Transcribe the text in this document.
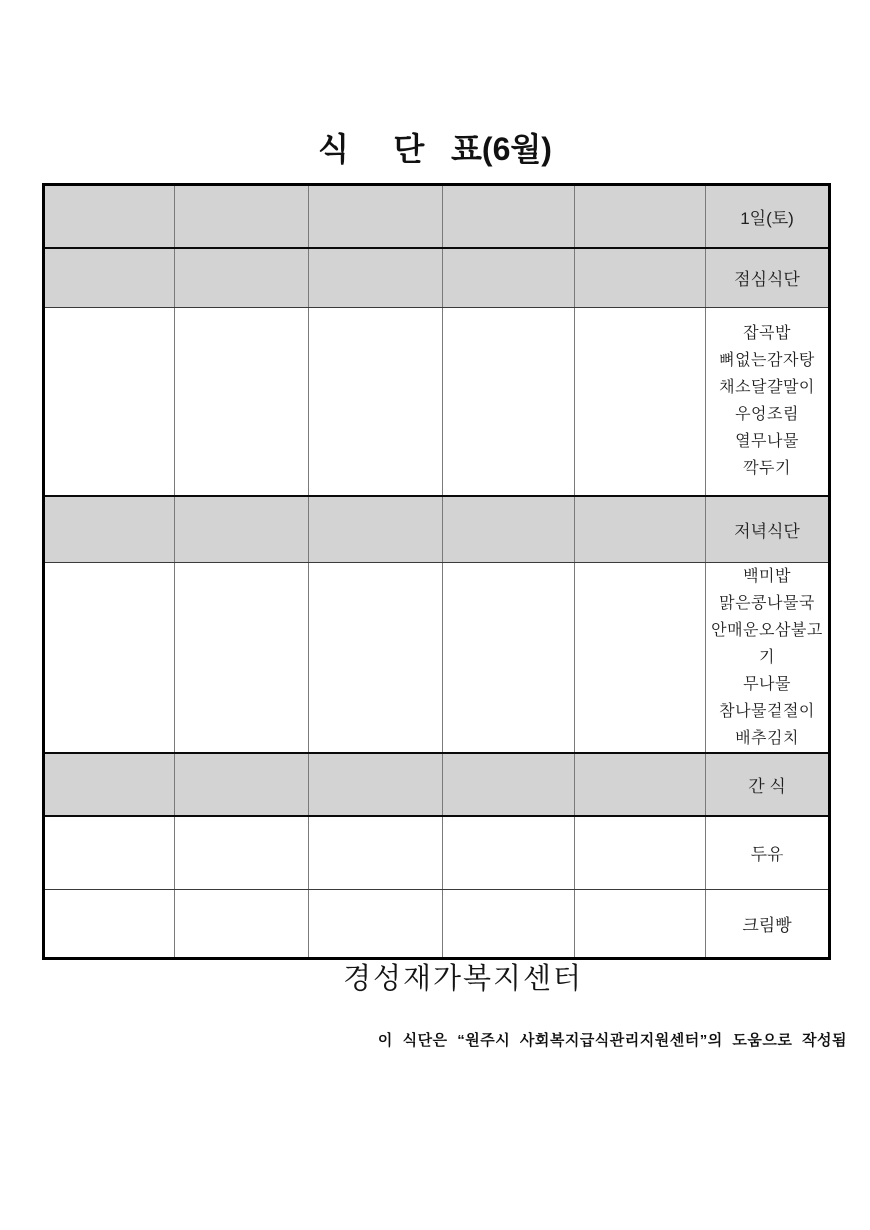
식     단   표(6월)
					1일(토)
					점심식단

잡곡밥
뼈없는감자탕
채소달걀말이
우엉조림
열무나물
깍두기

					저녁식단

백미밥
맑은콩나물국
안매운오삼불고기
무나물
참나물겉절이
배추김치

					간 식
					두유
					크림빵
경성재가복지센터
이 식단은 “원주시 사회복지급식관리지원센터”의 도움으로 작성됨
